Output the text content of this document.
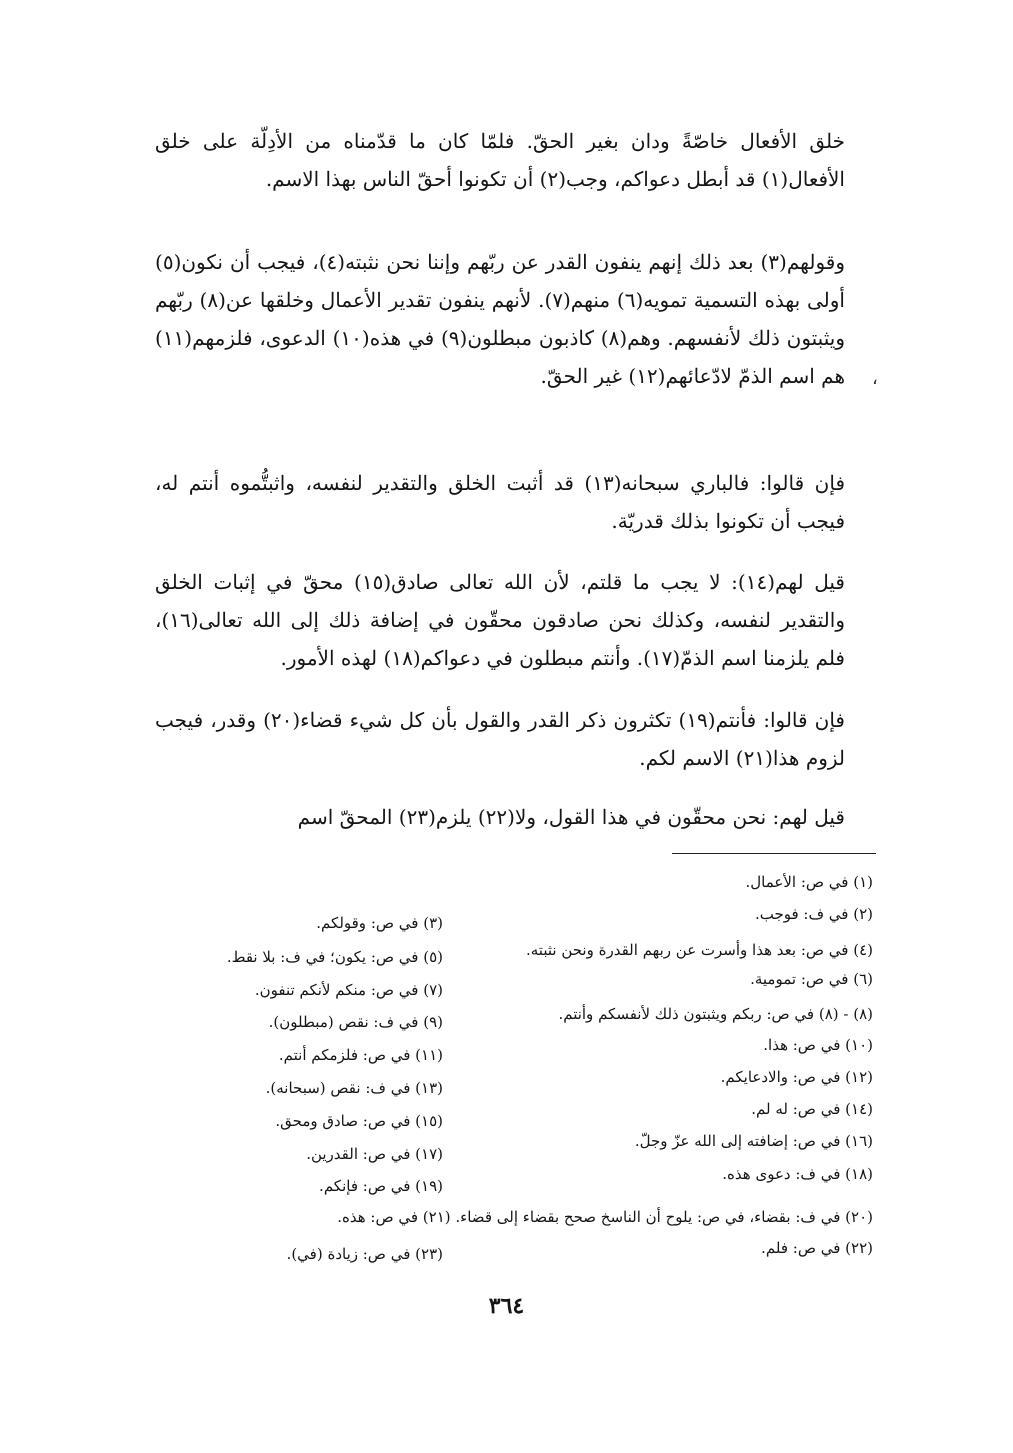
خلق الأفعال خاصّةً ودان بغير الحقّ. فلمّا كان ما قدّمناه من الأدِلّة على خلق الأفعال(١) قد أبطل دعواكم، وجب(٢) أن تكونوا أحقّ الناس بهذا الاسم.
وقولهم(٣) بعد ذلك إنهم ينفون القدر عن ربّهم وإننا نحن نثبته(٤)، فيجب أن نكون(٥) أولى بهذه التسمية تمويه(٦) منهم(٧). لأنهم ينفون تقدير الأعمال وخلقها عن(٨) ربّهم ويثبتون ذلك لأنفسهم. وهم(٨) كاذبون مبطلون(٩) في هذه(١٠) الدعوى، فلزمهم(١١) هم اسم الذمّ لادّعائهم(١٢) غير الحقّ.
فإن قالوا: فالباري سبحانه(١٣) قد أثبت الخلق والتقدير لنفسه، واثبتُّموه أنتم له، فيجب أن تكونوا بذلك قدريّة.
قيل لهم(١٤): لا يجب ما قلتم، لأن الله تعالى صادق(١٥) محقّ في إثبات الخلق والتقدير لنفسه، وكذلك نحن صادقون محقّون في إضافة ذلك إلى الله تعالى(١٦)، فلم يلزمنا اسم الذمّ(١٧). وأنتم مبطلون في دعواكم(١٨) لهذه الأمور.
فإن قالوا: فأنتم(١٩) تكثرون ذكر القدر والقول بأن كل شيء قضاء(٢٠) وقدر، فيجب لزوم هذا(٢١) الاسم لكم.
قيل لهم: نحن محقّون في هذا القول، ولا(٢٢) يلزم(٢٣) المحقّ اسم
،
(١) في ص: الأعمال.
(٢) في ف: فوجب.
(٤) في ص: بعد هذا وأسرت عن ربهم القدرة ونحن نثبته.
(٦) في ص: تمومية.
(٨) - (٨) في ص: ربكم ويثبتون ذلك لأنفسكم وأنتم.
(١٠) في ص: هذا.
(١٢) في ص: والادعايكم.
(١٤) في ص: له لم.
(١٦) في ص: إضافته إلى الله عزّ وجلّ.
(١٨) في ف: دعوى هذه.
(٣) في ص: وقولكم.
(٥) في ص: يكون؛ في ف: بلا نقط.
(٧) في ص: منكم لأنكم تنفون.
(٩) في ف: نقص (مبطلون).
(١١) في ص: فلزمكم أنتم.
(١٣) في ف: نقص (سبحانه).
(١٥) في ص: صادق ومحق.
(١٧) في ص: القدرين.
(١٩) في ص: فإنكم.
(٢٠) في ف: بقضاء، في ص: يلوح أن الناسخ صحح بقضاء إلى قضاء. (٢١) في ص: هذه.
(٢٢) في ص: فلم.
(٢٣) في ص: زيادة (في).
٣٦٤
